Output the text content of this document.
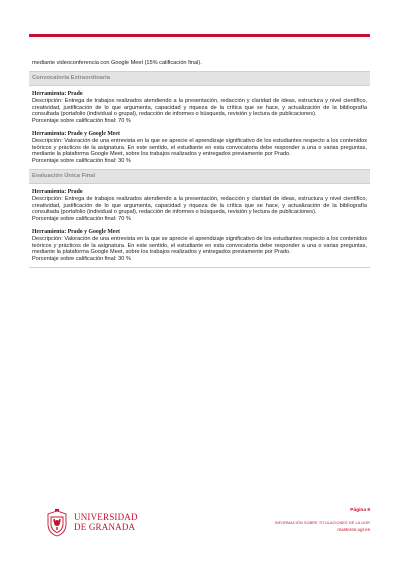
mediante videoconferencia con Google Meet (15% calificación final).
Convocatoria Extraordinaria
Herramienta: Prado
Descripción: Entrega de trabajos realizados atendiendo a la presentación, redacción y claridad de ideas, estructura y nivel científico, creatividad, justificación de lo que argumenta, capacidad y riqueza de la crítica que se hace, y actualización de la bibliografía consultada (portafolio (individual o grupal), redacción de informes o búsqueda, revisión y lectura de publicaciones).
Porcentaje sobre calificación final: 70 %
Herramienta: Prado y Google Meet
Descripción: Valoración de una entrevista en la que se aprecie el aprendizaje significativo de los estudiantes respecto a los contenidos teóricos y prácticos de la asignatura. En este sentido, el estudiante en esta convocatoria debe responder a una o varias preguntas, mediante la plataforma Google Meet, sobre los trabajos realizados y entregados previamente por Prado.
Porcentaje sobre calificación final: 30 %
Evaluación Única Final
Herramienta: Prado
Descripción: Entrega de trabajos realizados atendiendo a la presentación, redacción y claridad de ideas, estructura y nivel científico, creatividad, justificación de lo que argumenta, capacidad y riqueza de la crítica que se hace, y actualización de la bibliografía consultada (portafolio (individual o grupal), redacción de informes o búsqueda, revisión y lectura de publicaciones).
Porcentaje sobre calificación final: 70 %
Herramienta: Prado y Google Meet
Descripción: Valoración de una entrevista en la que se aprecie el aprendizaje significativo de los estudiantes respecto a los contenidos teóricos y prácticos de la asignatura. En este sentido, el estudiante en esta convocatoria debe responder a una o varias preguntas, mediante la plataforma Google Meet, sobre los trabajos realizados y entregados previamente por Prado.
Porcentaje sobre calificación final: 30 %
UNIVERSIDAD
DE GRANADA
Página 9
INFORMACIÓN SOBRE TITULACIONES DE LA UGR
masteres.ugr.es
